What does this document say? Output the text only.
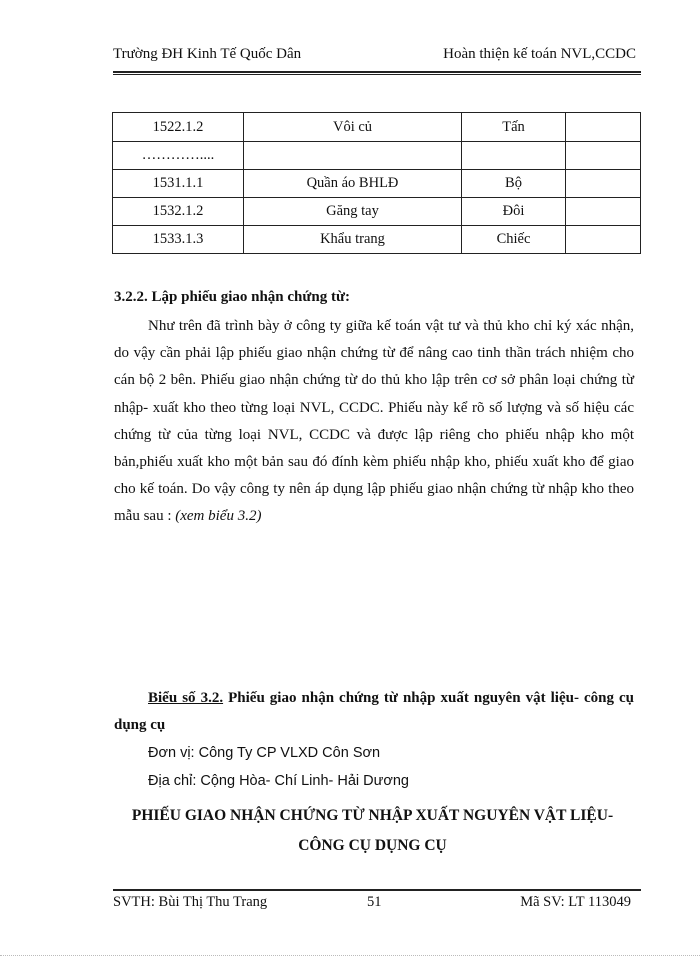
Trường ĐH Kinh Tế Quốc Dân	Hoàn thiện kế toán NVL,CCDC
1522.1.2	Vôi củ	Tấn	
…………....			
1531.1.1	Quần áo BHLĐ	Bộ	
1532.1.2	Găng tay	Đôi	
1533.1.3	Khẩu trang	Chiếc	
3.2.2. Lập phiếu giao nhận chứng từ:
Như trên đã trình bày ở công ty giữa kế toán vật tư và thủ kho chỉ ký xác nhận, do vậy cần phải lập phiếu giao nhận chứng từ để nâng cao tinh thần trách nhiệm cho cán bộ 2 bên. Phiếu giao nhận chứng từ do thủ kho lập trên cơ sở phân loại chứng từ nhập- xuất kho theo từng loại NVL, CCDC. Phiếu này kể rõ số lượng và số hiệu các chứng từ của từng loại NVL, CCDC và được lập riêng cho phiếu nhập kho một bản,phiếu xuất kho một bản sau đó đính kèm phiếu nhập kho, phiếu xuất kho để giao cho kế toán. Do vậy công ty nên áp dụng lập phiếu giao nhận chứng từ nhập kho theo mẫu sau : (xem biểu 3.2)
Biểu số 3.2. Phiếu giao nhận chứng từ nhập xuất nguyên vật liệu- công cụ dụng cụ
Đơn vị: Công Ty CP VLXD Côn Sơn
Địa chỉ: Cộng Hòa- Chí Linh- Hải Dương
PHIẾU GIAO NHẬN CHỨNG TỪ NHẬP XUẤT NGUYÊN VẬT LIỆU-
CÔNG CỤ DỤNG CỤ
SVTH: Bùi Thị Thu Trang	51	Mã SV: LT 113049
